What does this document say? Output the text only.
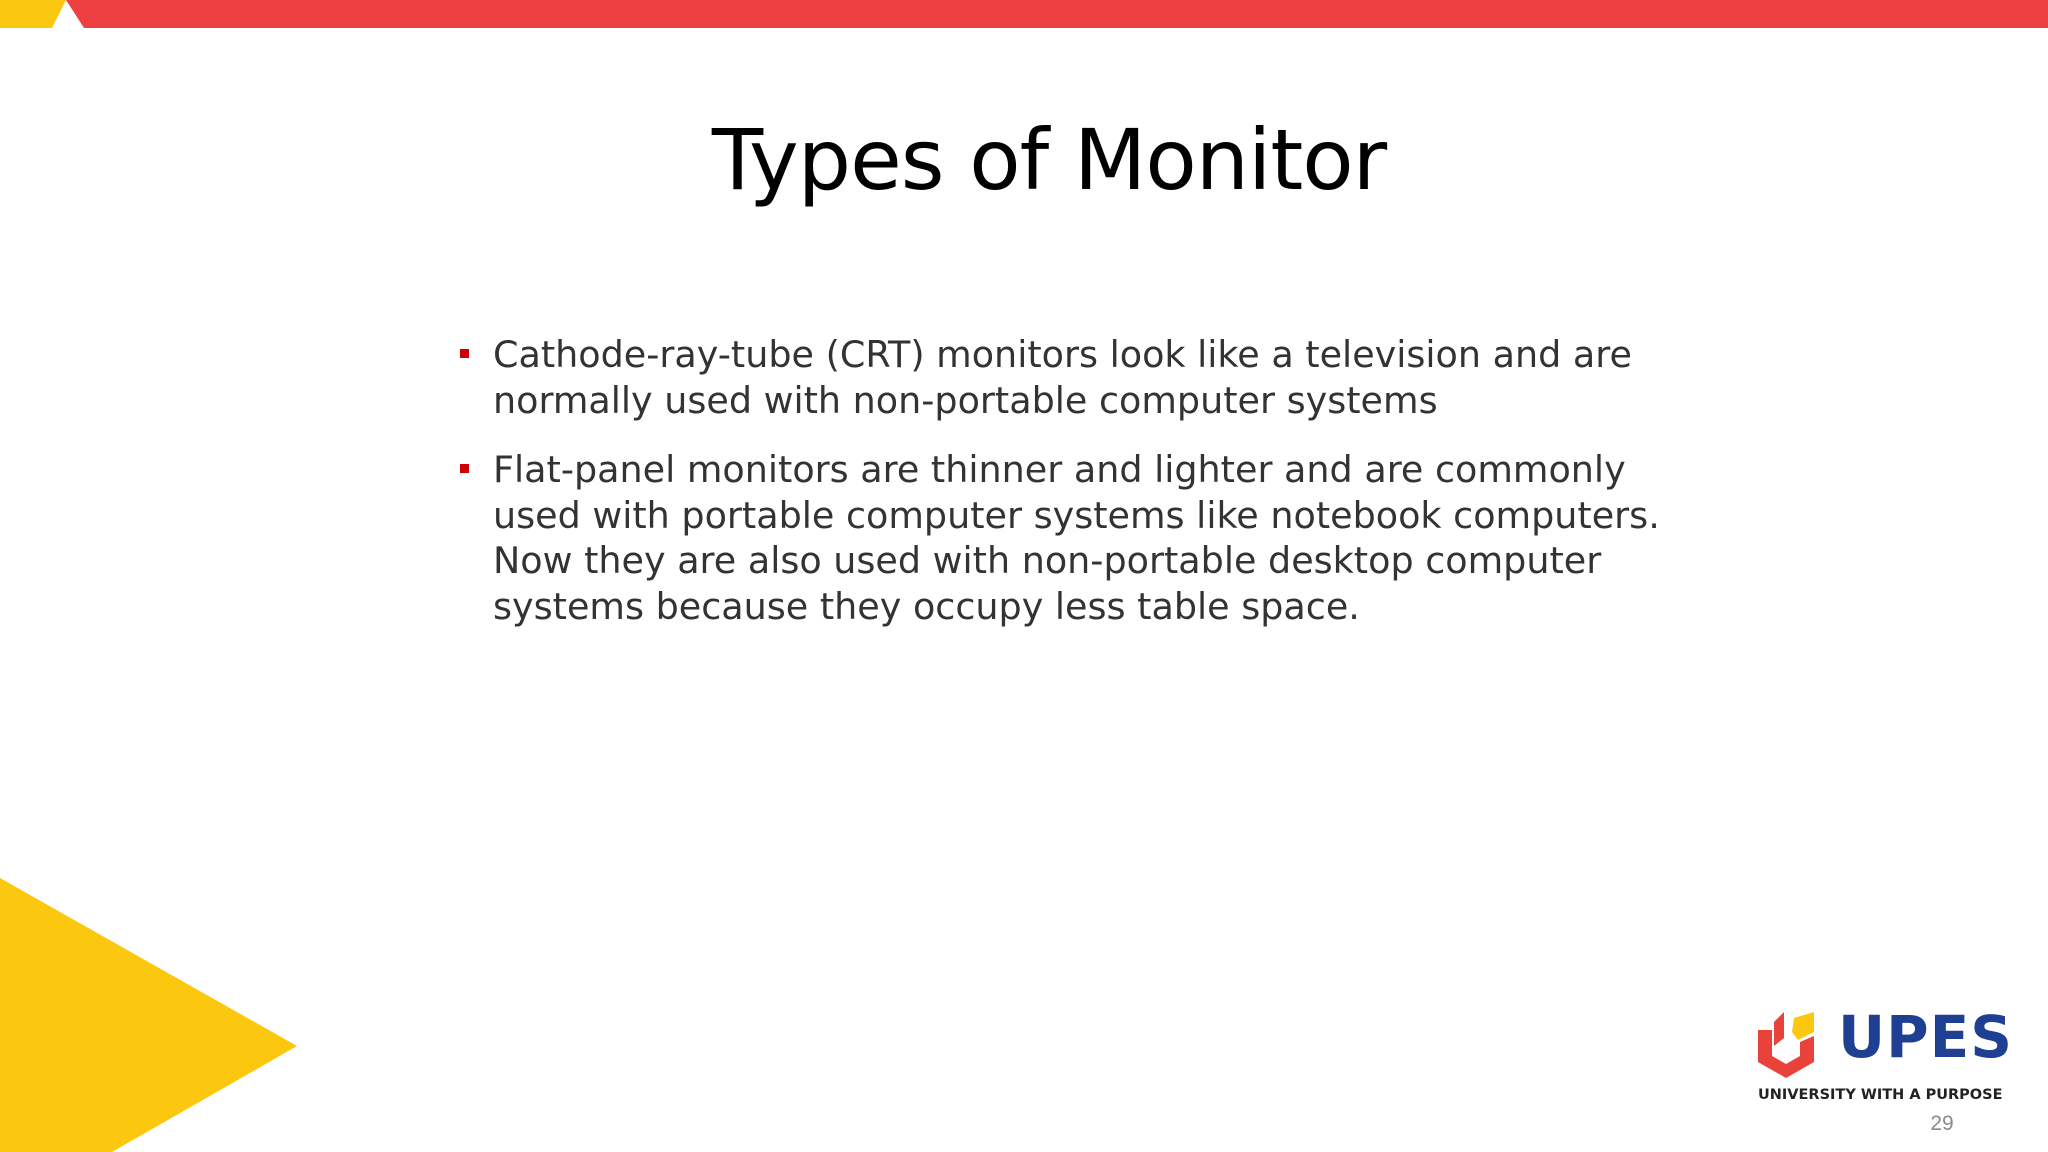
Types of Monitor
Cathode-ray-tube (CRT) monitors look like a television and are normally used with non-portable computer systems
Flat-panel monitors are thinner and lighter and are commonly used with portable computer systems like notebook computers. Now they are also used with non-portable desktop computer systems because they occupy less table space.
UPES
UNIVERSITY WITH A PURPOSE
29
